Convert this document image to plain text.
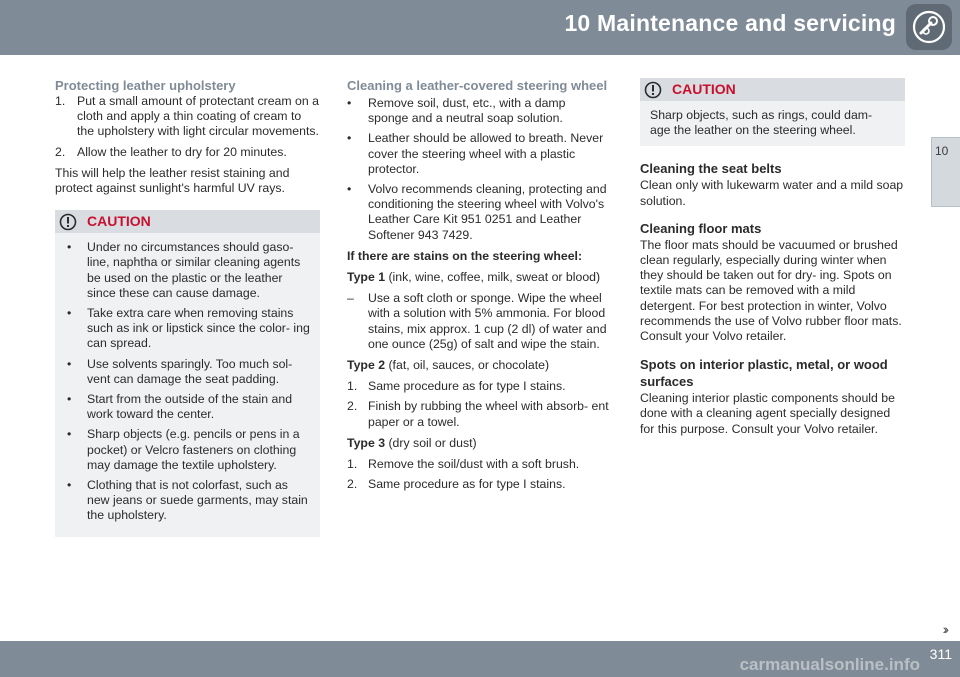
10 Maintenance and servicing
10
Protecting leather upholstery
1. Put a small amount of protectant cream on a cloth and apply a thin coating of cream to the upholstery with light circular movements.
2. Allow the leather to dry for 20 minutes.

This will help the leather resist staining and protect against sunlight's harmful UV rays.

CAUTION
• Under no circumstances should gaso- line, naphtha or similar cleaning agents be used on the plastic or the leather since these can cause damage.
• Take extra care when removing stains such as ink or lipstick since the color- ing can spread.
• Use solvents sparingly. Too much sol- vent can damage the seat padding.
• Start from the outside of the stain and work toward the center.
• Sharp objects (e.g. pencils or pens in a pocket) or Velcro fasteners on clothing may damage the textile upholstery.
• Clothing that is not colorfast, such as new jeans or suede garments, may stain the upholstery.
Cleaning a leather-covered steering wheel
• Remove soil, dust, etc., with a damp sponge and a neutral soap solution.
• Leather should be allowed to breath. Never cover the steering wheel with a plastic protector.
• Volvo recommends cleaning, protecting and conditioning the steering wheel with Volvo's Leather Care Kit 951 0251 and Leather Softener 943 7429.

If there are stains on the steering wheel:

Type 1 (ink, wine, coffee, milk, sweat or blood)

– Use a soft cloth or sponge. Wipe the wheel with a solution with 5% ammonia. For blood stains, mix approx. 1 cup (2 dl) of water and one ounce (25g) of salt and wipe the stain.

Type 2 (fat, oil, sauces, or chocolate)

1. Same procedure as for type I stains.
2. Finish by rubbing the wheel with absorb- ent paper or a towel.

Type 3 (dry soil or dust)

1. Remove the soil/dust with a soft brush.
2. Same procedure as for type I stains.
CAUTION

Sharp objects, such as rings, could dam- age the leather on the steering wheel.

Cleaning the seat belts

Clean only with lukewarm water and a mild soap solution.

Cleaning floor mats

The floor mats should be vacuumed or brushed clean regularly, especially during winter when they should be taken out for dry- ing. Spots on textile mats can be removed with a mild detergent. For best protection in winter, Volvo recommends the use of Volvo rubber floor mats. Consult your Volvo retailer.

Spots on interior plastic, metal, or wood surfaces

Cleaning interior plastic components should be done with a cleaning agent specially designed for this purpose. Consult your Volvo retailer.

››
carmanualsonline.info
311
